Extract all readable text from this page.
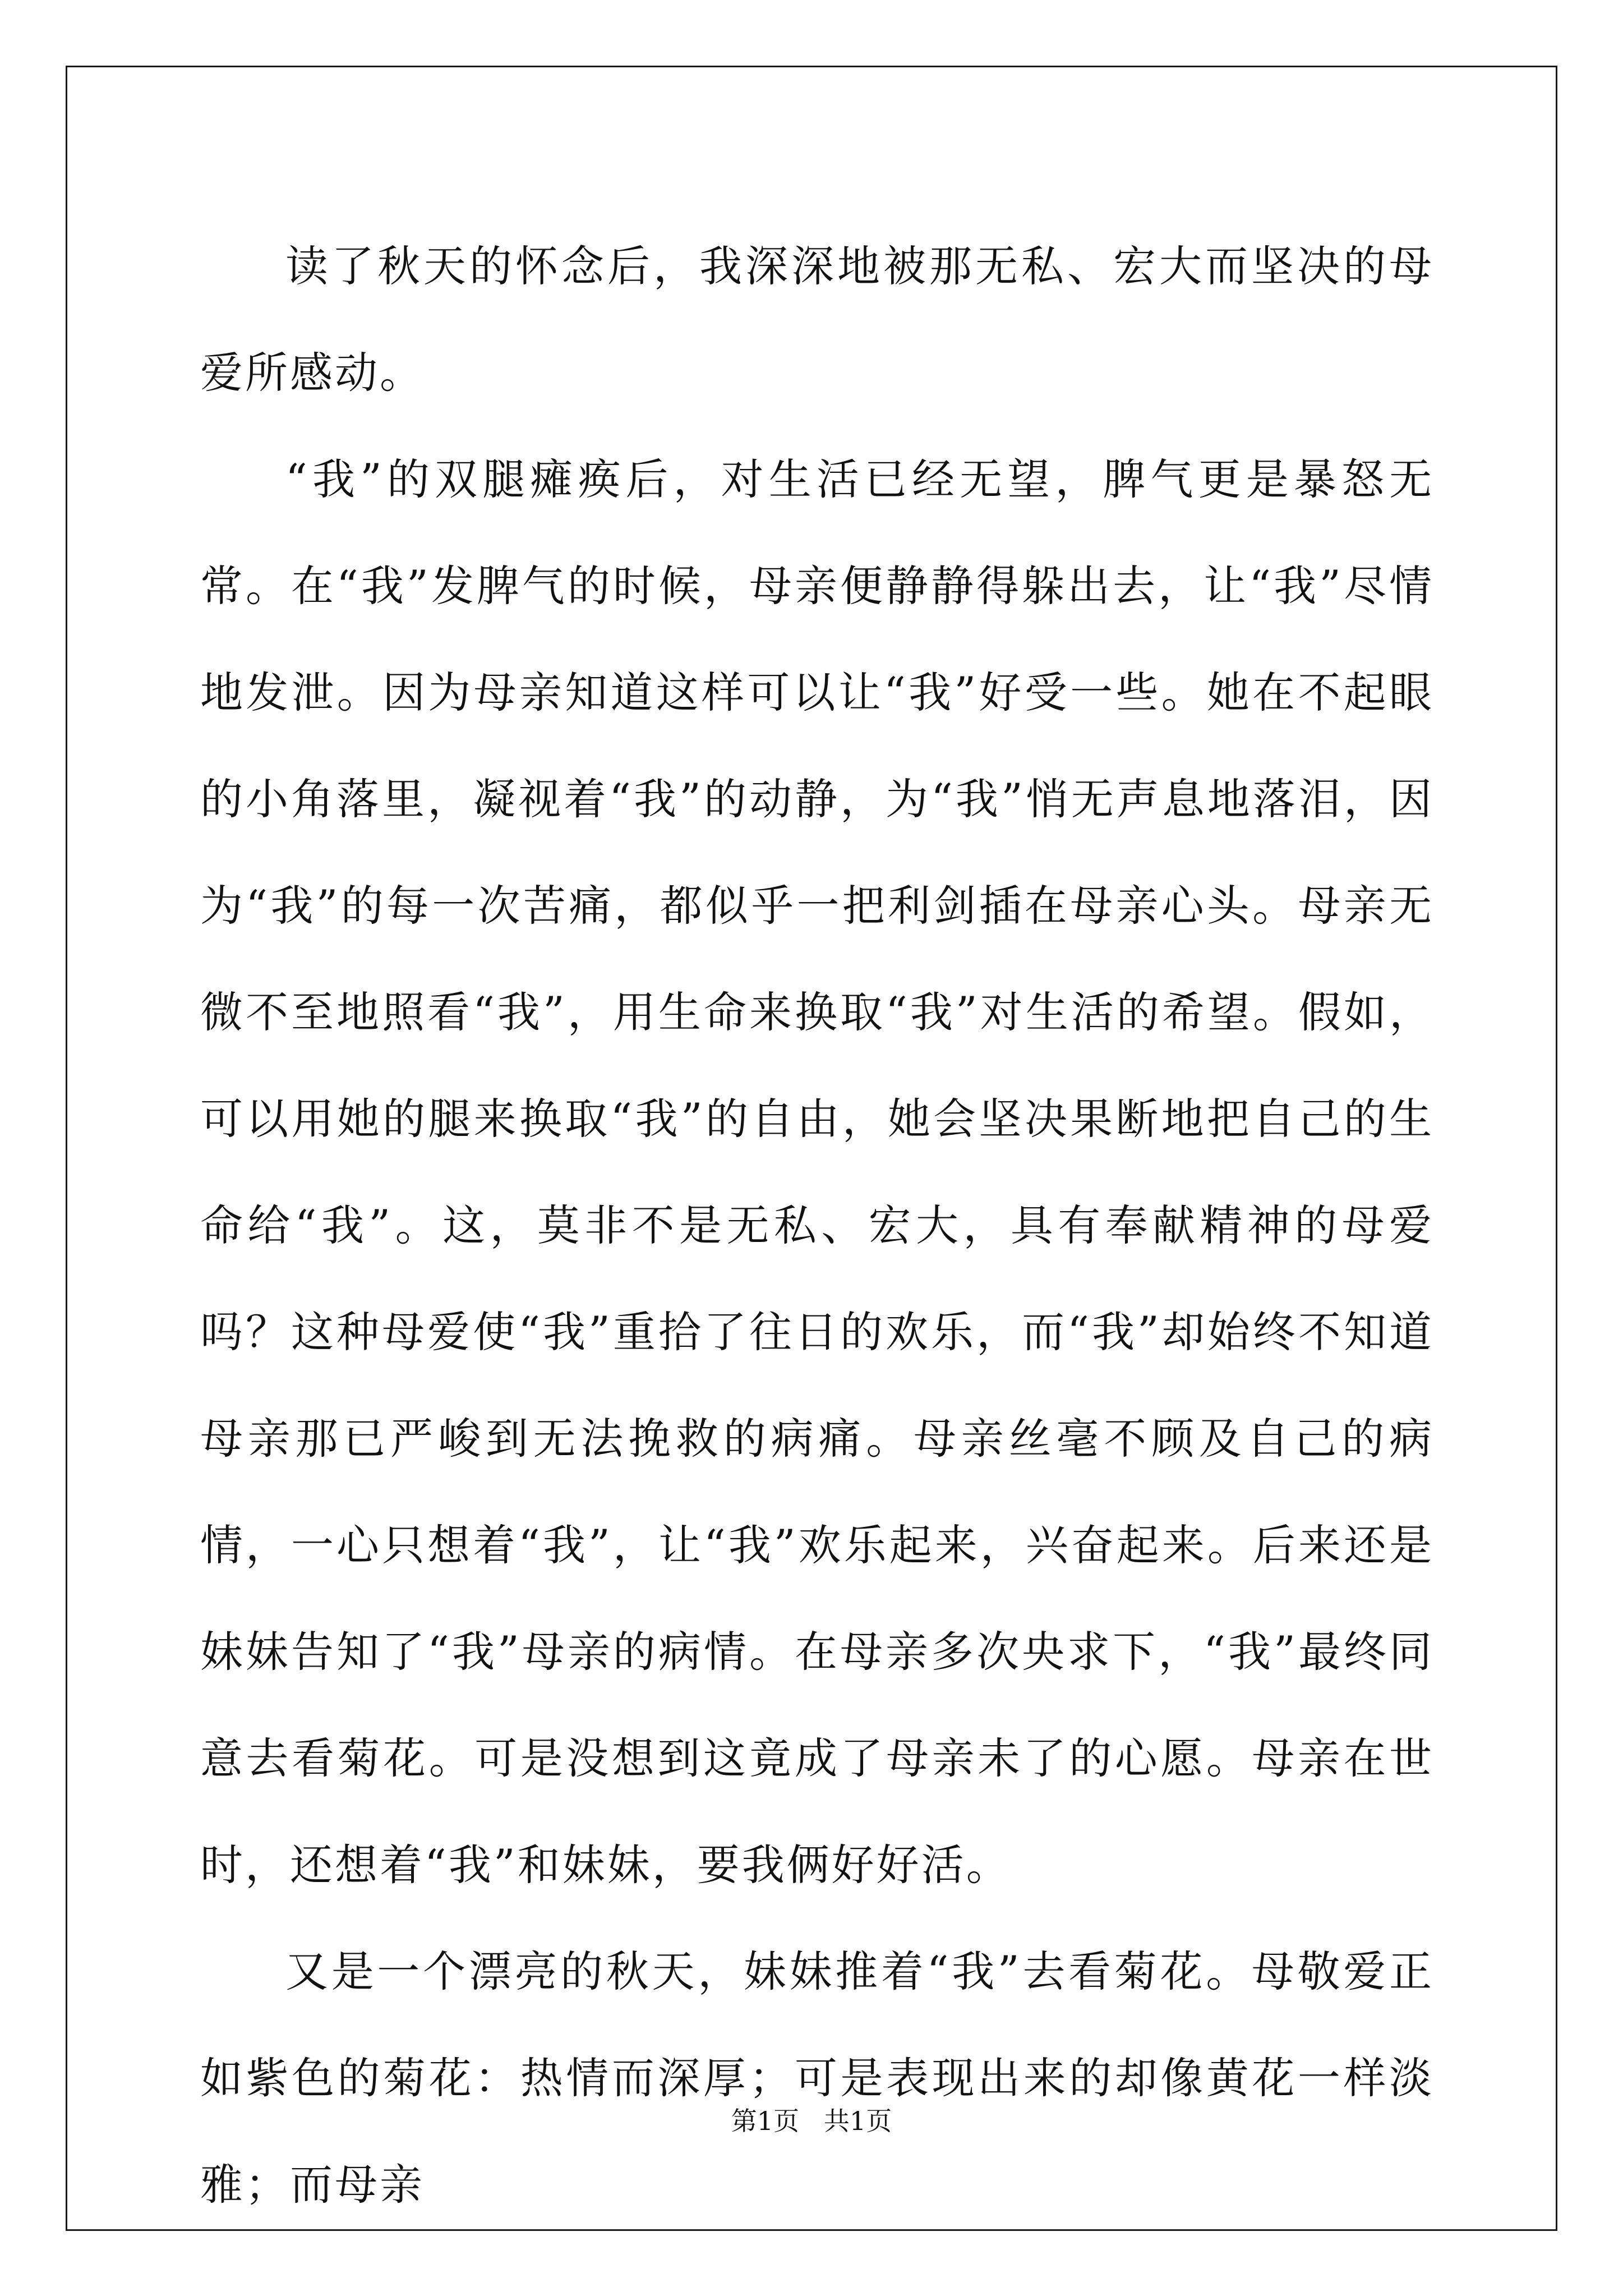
读了秋天的怀念后，我深深地被那无私、宏大而坚决的母爱所感动。

“我”的双腿瘫痪后，对生活已经无望，脾气更是暴怒无常。在“我”发脾气的时候，母亲便静静得躲出去，让“我”尽情地发泄。因为母亲知道这样可以让“我”好受一些。她在不起眼的小角落里，凝视着“我”的动静，为“我”悄无声息地落泪，因为“我”的每一次苦痛，都似乎一把利剑插在母亲心头。母亲无微不至地照看“我”，用生命来换取“我”对生活的希望。假如，可以用她的腿来换取“我”的自由，她会坚决果断地把自己的生命给“我”。这，莫非不是无私、宏大，具有奉献精神的母爱吗？这种母爱使“我”重拾了往日的欢乐，而“我”却始终不知道母亲那已严峻到无法挽救的病痛。母亲丝毫不顾及自己的病情，一心只想着“我”，让“我”欢乐起来，兴奋起来。后来还是妹妹告知了“我”母亲的病情。在母亲多次央求下，“我”最终同意去看菊花。可是没想到这竟成了母亲未了的心愿。母亲在世时，还想着“我”和妹妹，要我俩好好活。

又是一个漂亮的秋天，妹妹推着“我”去看菊花。母敬爱正如紫色的菊花：热情而深厚；可是表现出来的却像黄花一样淡雅；而母亲

第1页   共1页
